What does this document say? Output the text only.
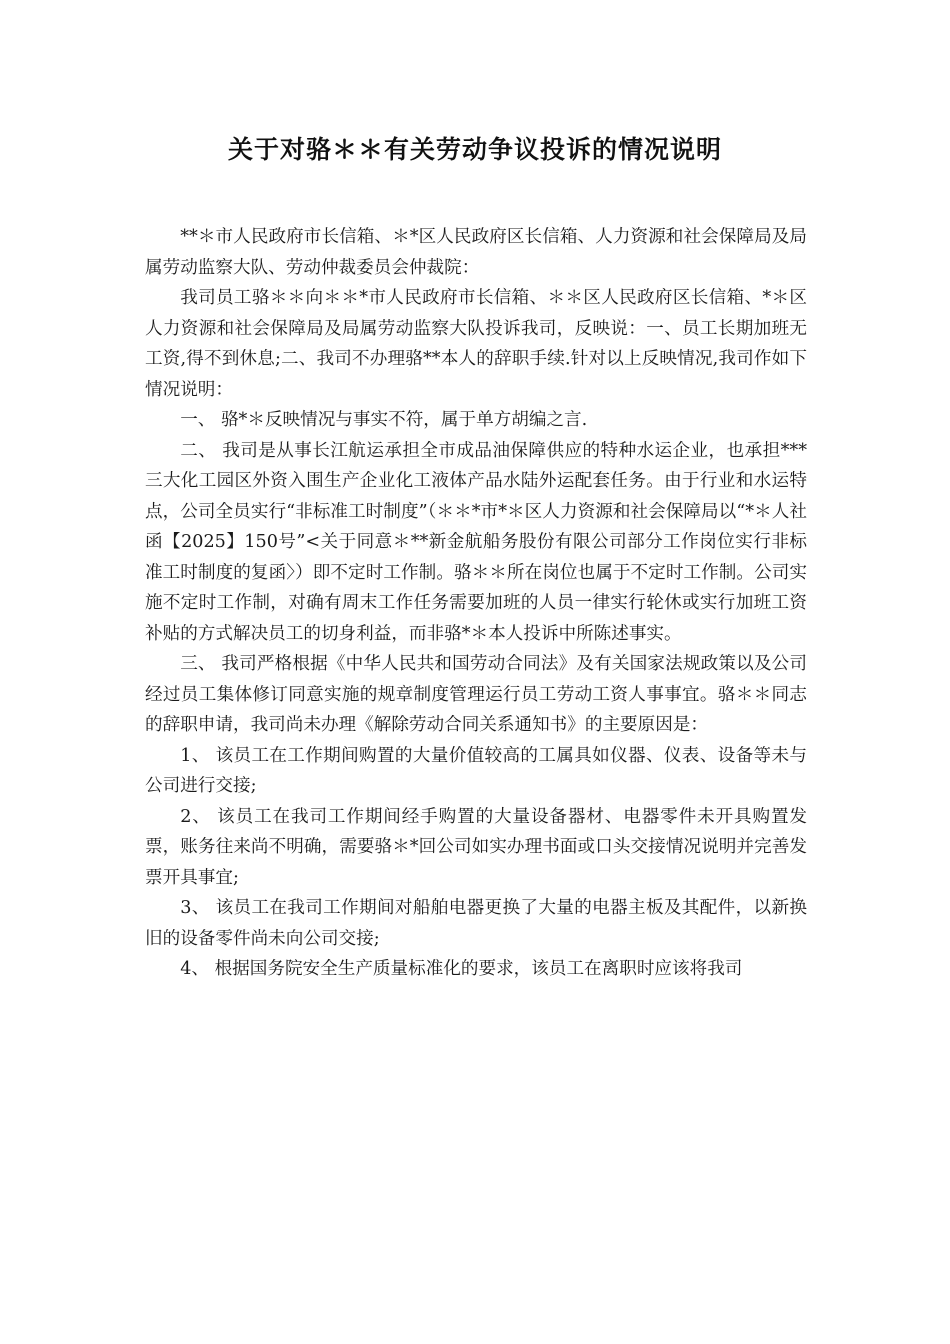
关于对骆＊＊有关劳动争议投诉的情况说明

**＊市人民政府市长信箱、＊*区人民政府区长信箱、人力资源和社会保障局及局属劳动监察大队、劳动仲裁委员会仲裁院：

我司员工骆＊＊向＊＊*市人民政府市长信箱、＊＊区人民政府区长信箱、*＊区人力资源和社会保障局及局属劳动监察大队投诉我司，反映说：一、员工长期加班无工资,得不到休息;二、我司不办理骆**本人的辞职手续.针对以上反映情况,我司作如下情况说明：

一、 骆*＊反映情况与事实不符，属于单方胡编之言.

二、 我司是从事长江航运承担全市成品油保障供应的特种水运企业，也承担***三大化工园区外资入围生产企业化工液体产品水陆外运配套任务。由于行业和水运特点，公司全员实行“非标准工时制度”（＊＊*市*＊区人力资源和社会保障局以“*＊人社函【2025】150号”<关于同意＊**新金航船务股份有限公司部分工作岗位实行非标准工时制度的复函〉）即不定时工作制。骆＊＊所在岗位也属于不定时工作制。公司实施不定时工作制，对确有周末工作任务需要加班的人员一律实行轮休或实行加班工资补贴的方式解决员工的切身利益，而非骆*＊本人投诉中所陈述事实。

三、 我司严格根据《中华人民共和国劳动合同法》及有关国家法规政策以及公司经过员工集体修订同意实施的规章制度管理运行员工劳动工资人事事宜。骆＊＊同志的辞职申请，我司尚未办理《解除劳动合同关系通知书》的主要原因是：

1、 该员工在工作期间购置的大量价值较高的工属具如仪器、仪表、设备等未与公司进行交接;

2、 该员工在我司工作期间经手购置的大量设备器材、电器零件未开具购置发票，账务往来尚不明确，需要骆＊*回公司如实办理书面或口头交接情况说明并完善发票开具事宜;

3、 该员工在我司工作期间对船舶电器更换了大量的电器主板及其配件，以新换旧的设备零件尚未向公司交接;

4、 根据国务院安全生产质量标准化的要求，该员工在离职时应该将我司
